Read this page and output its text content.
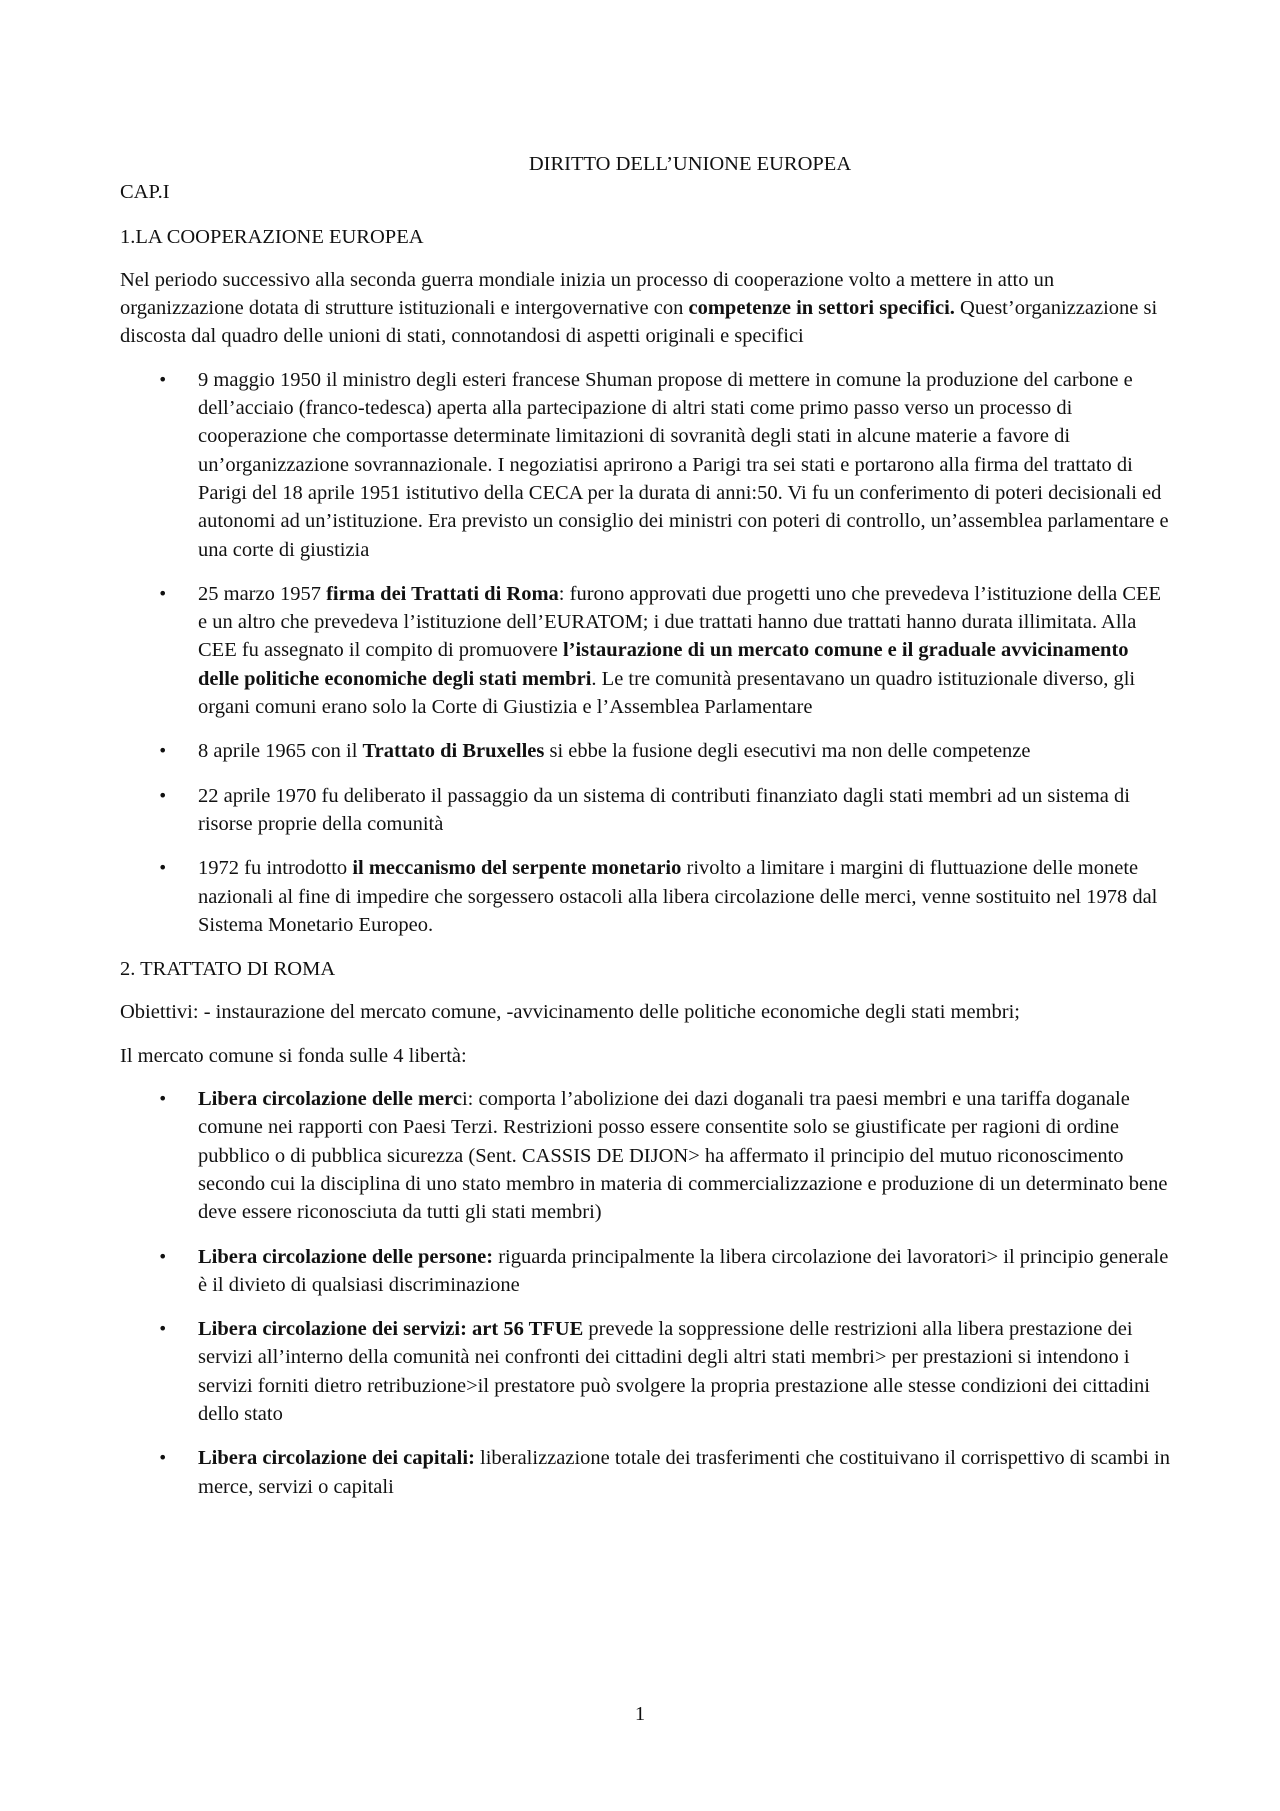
DIRITTO DELL’UNIONE EUROPEA

CAP.I

1.LA COOPERAZIONE EUROPEA

Nel periodo successivo alla seconda guerra mondiale inizia un processo di cooperazione volto a mettere in atto un organizzazione dotata di strutture istituzionali e intergovernative con competenze in settori specifici. Quest’organizzazione si discosta dal quadro delle unioni di stati, connotandosi di aspetti originali e specifici

• 9 maggio 1950 il ministro degli esteri francese Shuman propose di mettere in comune la produzione del carbone e dell’acciaio (franco-tedesca) aperta alla partecipazione di altri stati come primo passo verso un processo di cooperazione che comportasse determinate limitazioni di sovranità degli stati in alcune materie a favore di un’organizzazione sovrannazionale. I negoziatisi aprirono a Parigi tra sei stati e portarono alla firma del trattato di Parigi del 18 aprile 1951 istitutivo della CECA per la durata di anni:50. Vi fu un conferimento di poteri decisionali ed autonomi ad un’istituzione. Era previsto un consiglio dei ministri con poteri di controllo, un’assemblea parlamentare e una corte di giustizia
• 25 marzo 1957 firma dei Trattati di Roma: furono approvati due progetti uno che prevedeva l’istituzione della CEE e un altro che prevedeva l’istituzione dell’EURATOM; i due trattati hanno due trattati hanno durata illimitata. Alla CEE fu assegnato il compito di promuovere l’istaurazione di un mercato comune e il graduale avvicinamento delle politiche economiche degli stati membri. Le tre comunità presentavano un quadro istituzionale diverso, gli organi comuni erano solo la Corte di Giustizia e l’Assemblea Parlamentare
• 8 aprile 1965 con il Trattato di Bruxelles si ebbe la fusione degli esecutivi ma non delle competenze
• 22 aprile 1970 fu deliberato il passaggio da un sistema di contributi finanziato dagli stati membri ad un sistema di risorse proprie della comunità
• 1972 fu introdotto il meccanismo del serpente monetario rivolto a limitare i margini di fluttuazione delle monete nazionali al fine di impedire che sorgessero ostacoli alla libera circolazione delle merci, venne sostituito nel 1978 dal Sistema Monetario Europeo.

2. TRATTATO DI ROMA

Obiettivi: - instaurazione del mercato comune, -avvicinamento delle politiche economiche degli stati membri;

Il mercato comune si fonda sulle 4 libertà:

• Libera circolazione delle merci: comporta l’abolizione dei dazi doganali tra paesi membri e una tariffa doganale comune nei rapporti con Paesi Terzi. Restrizioni posso essere consentite solo se giustificate per ragioni di ordine pubblico o di pubblica sicurezza (Sent. CASSIS DE DIJON> ha affermato il principio del mutuo riconoscimento secondo cui la disciplina di uno stato membro in materia di commercializzazione e produzione di un determinato bene deve essere riconosciuta da tutti gli stati membri)
• Libera circolazione delle persone: riguarda principalmente la libera circolazione dei lavoratori> il principio generale è il divieto di qualsiasi discriminazione
• Libera circolazione dei servizi: art 56 TFUE prevede la soppressione delle restrizioni alla libera prestazione dei servizi all’interno della comunità nei confronti dei cittadini degli altri stati membri> per prestazioni si intendono i servizi forniti dietro retribuzione>il prestatore può svolgere la propria prestazione alle stesse condizioni dei cittadini dello stato
• Libera circolazione dei capitali: liberalizzazione totale dei trasferimenti che costituivano il corrispettivo di scambi in merce, servizi o capitali
1
